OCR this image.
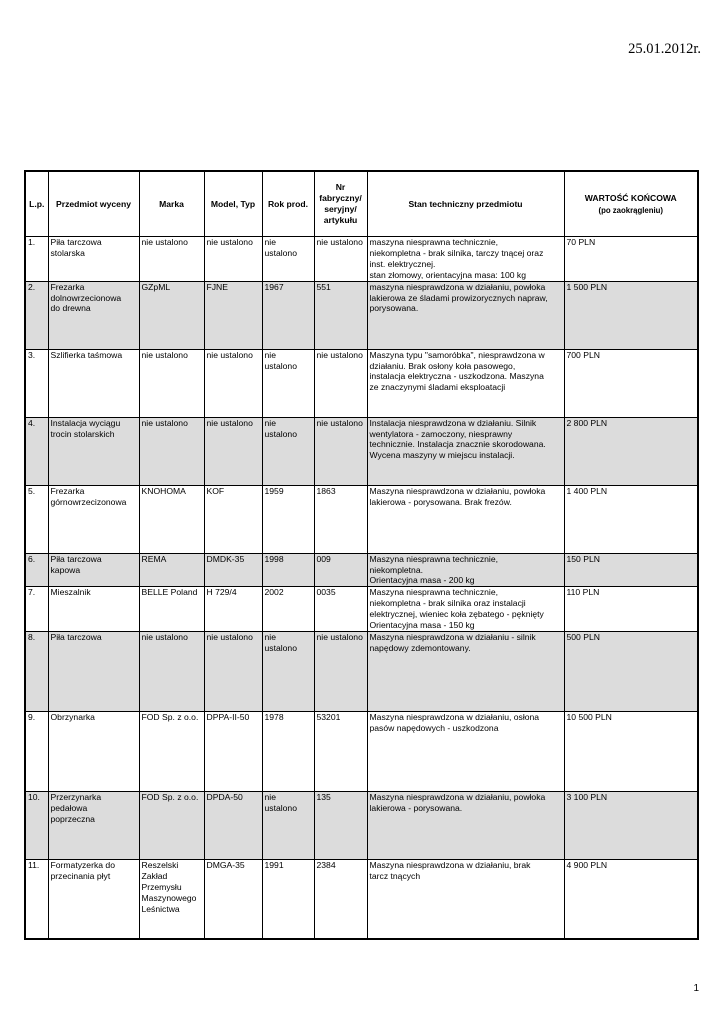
25.01.2012r.
L.p.	Przedmiot wyceny	Marka	Model, Typ	Rok prod.	Nr fabryczny/ seryjny/ artykułu	Stan techniczny przedmiotu	WARTOŚĆ KOŃCOWA
(po zaokrągleniu)

1.	Piła tarczowa
stolarska	nie ustalono	nie ustalono	nie
ustalono	nie ustalono	maszyna niesprawna technicznie,
niekompletna - brak silnika, tarczy tnącej oraz
inst. elektrycznej.
stan złomowy, orientacyjna masa: 100 kg	70 PLN
2.	Frezarka
dolnowrzecionowa
do drewna	GZpML	FJNE	1967	551	maszyna niesprawdzona w działaniu, powłoka
lakierowa ze śladami prowizorycznych napraw,
porysowana.	1 500 PLN
3.	Szlifierka taśmowa	nie ustalono	nie ustalono	nie
ustalono	nie ustalono	Maszyna typu "samoróbka", niesprawdzona w
działaniu. Brak osłony koła pasowego,
instalacja elektryczna - uszkodzona. Maszyna
ze znaczynymi śladami eksploatacji	700 PLN
4.	Instalacja wyciągu
trocin stolarskich	nie ustalono	nie ustalono	nie
ustalono	nie ustalono	Instalacja niesprawdzona w działaniu. Silnik
wentylatora - zamoczony, niesprawny
technicznie. Instalacja znacznie skorodowana.
Wycena maszyny w miejscu instalacji.	2 800 PLN
5.	Frezarka
górnowrzecizonowa	KNOHOMA	KOF	1959	1863	Maszyna niesprawdzona w działaniu, powłoka
lakierowa - porysowana. Brak frezów.	1 400 PLN
6.	Piła tarczowa
kapowa	REMA	DMDK-35	1998	009	Maszyna niesprawna technicznie,
niekompletna.
Orientacyjna masa - 200 kg	150 PLN
7.	Mieszalnik	BELLE Poland	H 729/4	2002	0035	Maszyna niesprawna technicznie,
niekompletna - brak silnika oraz instalacji
elektrycznej, wieniec koła zębatego - pęknięty
Orientacyjna masa - 150 kg	110 PLN
8.	Piła tarczowa	nie ustalono	nie ustalono	nie
ustalono	nie ustalono	Maszyna niesprawdzona w działaniu - silnik
napędowy zdemontowany.	500 PLN
9.	Obrzynarka	FOD Sp. z o.o.	DPPA-II-50	1978	53201	Maszyna niesprawdzona w działaniu, osłona
pasów napędowych - uszkodzona	10 500 PLN
10.	Przerzynarka
pedałowa
poprzeczna	FOD Sp. z o.o.	DPDA-50	nie
ustalono	135	Maszyna niesprawdzona w działaniu, powłoka
lakierowa - porysowana.	3 100 PLN
11.	Formatyzerka do
przecinania płyt	Reszelski
Zakład
Przemysłu
Maszynowego
Leśnictwa	DMGA-35	1991	2384	Maszyna niesprawdzona w działaniu, brak
tarcz tnących	4 900 PLN
1
